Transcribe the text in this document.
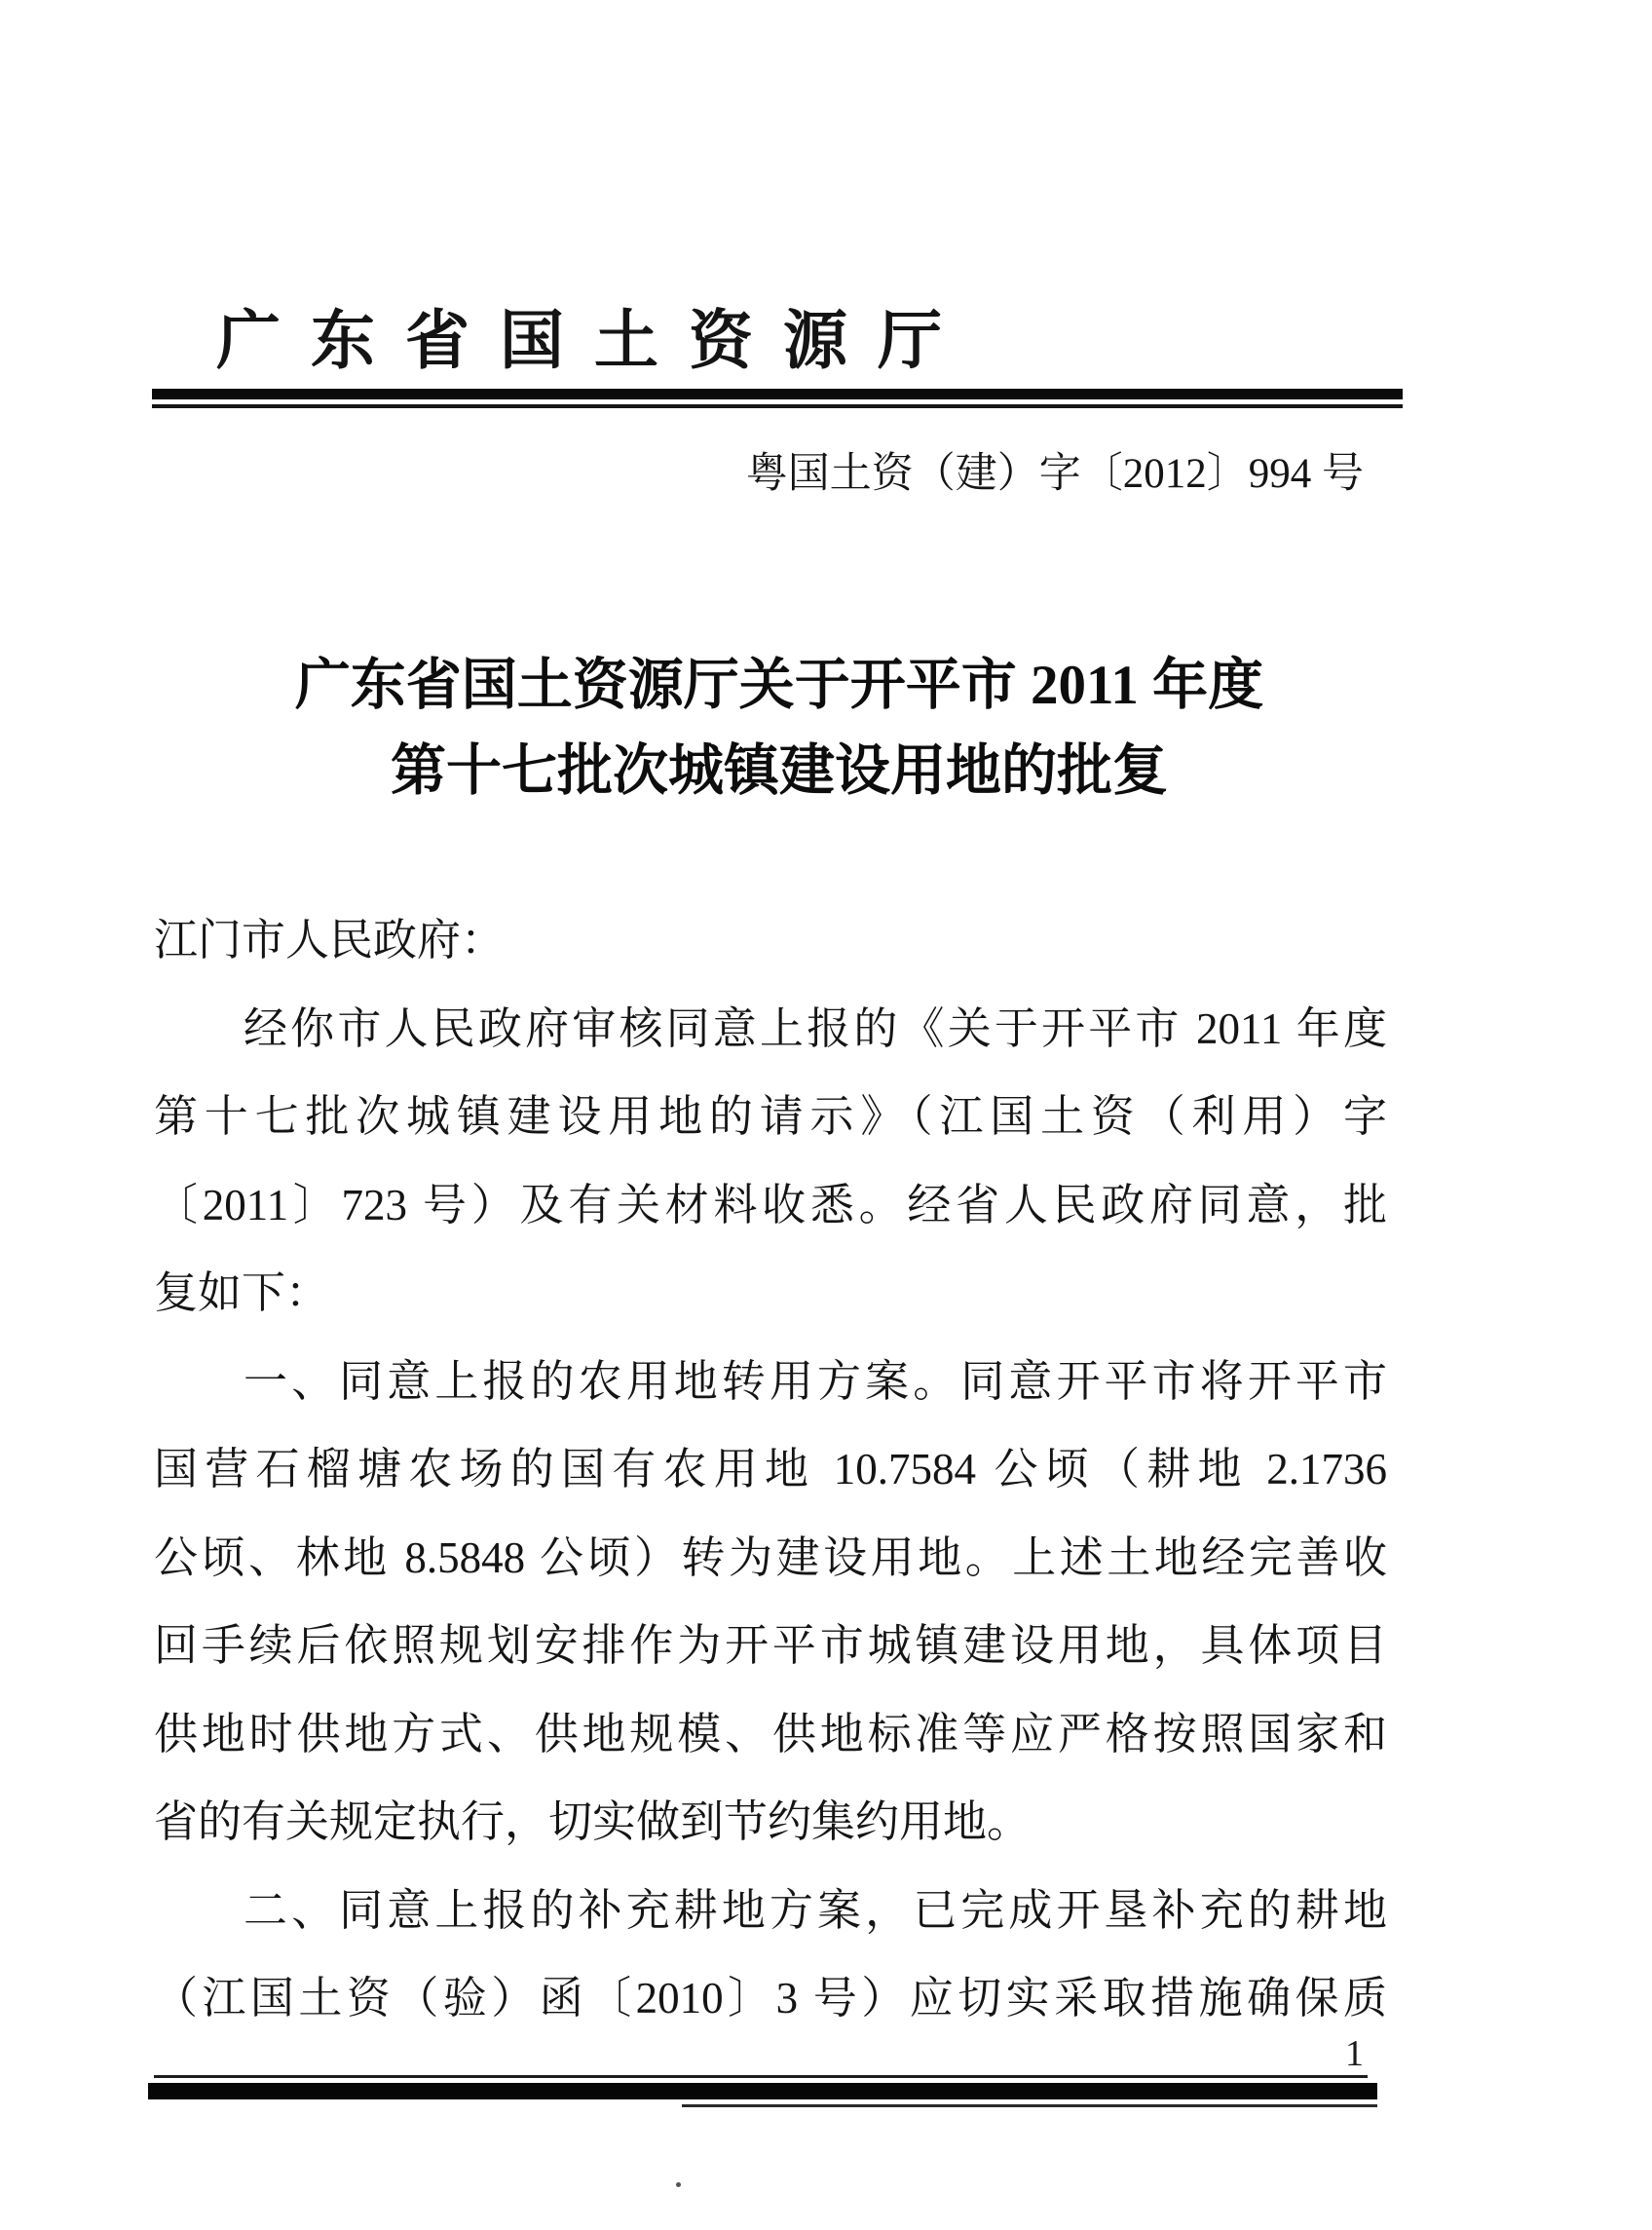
广东省国土资源厅
粤国土资（建）字〔2012〕994 号
广东省国土资源厅关于开平市 2011 年度
第十七批次城镇建设用地的批复
江门市人民政府：
经你市人民政府审核同意上报的《关于开平市 2011 年度
第十七批次城镇建设用地的请示》（江国土资（利用）字
〔2011〕723 号）及有关材料收悉。经省人民政府同意，批
复如下：
一、同意上报的农用地转用方案。同意开平市将开平市
国营石榴塘农场的国有农用地 10.7584 公顷（耕地 2.1736
公顷、林地 8.5848 公顷）转为建设用地。上述土地经完善收
回手续后依照规划安排作为开平市城镇建设用地，具体项目
供地时供地方式、供地规模、供地标准等应严格按照国家和
省的有关规定执行，切实做到节约集约用地。
二、同意上报的补充耕地方案，已完成开垦补充的耕地
（江国土资（验）函〔2010〕3 号）应切实采取措施确保质
1
